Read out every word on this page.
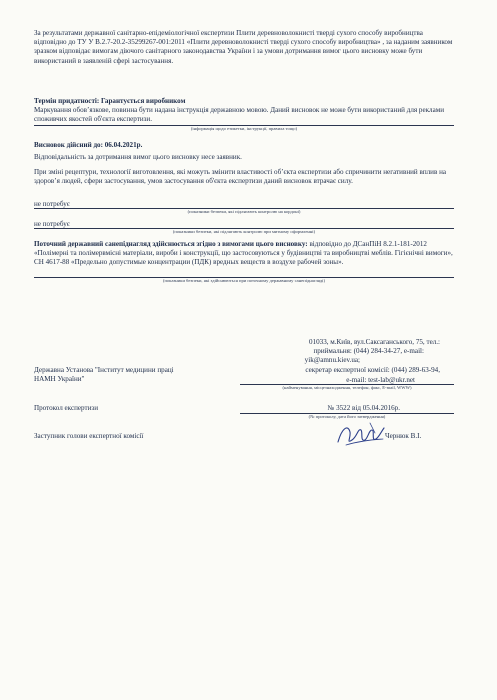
За результатами державної санітарно-епідеміологічної експертизи Плити деревноволокнисті тверді сухого способу виробництва відповідно до ТУ У В.2.7-20.2-35299267-001:2011 «Плити деревноволокнисті тверді сухого способу виробництва» , за наданим заявником зразком відповідає вимогам діючого санітарного законодавства України і за умови дотримання вимог цього висновку може бути використаний в заявленій сфері застосування.
Термін придатності: Гарантується виробником
Маркування обов’язкове, повинна бути надана інструкція державною мовою. Даний висновок не може бути використаний для реклами споживчих якостей об'єкта експертизи.
(інформація щодо етикетки, інструкції, правила тощо)
Висновок дійсний до: 06.04.2021р.
Відповідальність за дотримання вимог цього висновку несе заявник.
При зміні рецептури, технології виготовлення, які можуть змінити властивості об’єкта експертизи або спричинити негативний вплив на здоров’я людей, сфери застосування, умов застосування об'єкта експертизи даний висновок втрачає силу.
не потребує
(показники безпеки, які підлягають контролю на кордоні)
не потребує
(показники безпеки, які підлягають контролю при митному оформленні)
Поточний державний санепіднагляд здійснюється згідно з вимогами цього висновку: відповідно до ДСанПіН 8.2.1-181-2012 «Полімерні та полімервмісні матеріали, вироби і конструкції, що застосовуються у будівництві та виробництві меблів. Гігієнічні вимоги», СН 4617-88 «Предельно допустимые концентрации (ПДК) вредных веществ в воздухе рабочей зоны».
(показники безпеки, які здійснюються при поточному державному санепіднагляді)
Державна Установа "Інститут медицини праці
НАМН України"
01033, м.Київ, вул.Саксаганського, 75, тел.:
приймальня: (044) 284-34-27, e-mail:
yik@amnu.kiev.ua;
секретар експертної комісії: (044) 289-63-94,
e-mail: test-lab@ukr.net
(найменування, місцезнаходження, телефон, факс, E-mail, WWW)
Протокол експертизи	№ 3522 від 05.04.2016р.
(№ протоколу, дата його затвердження)
Заступник голови експертної комісії	Чернюк В.І.
